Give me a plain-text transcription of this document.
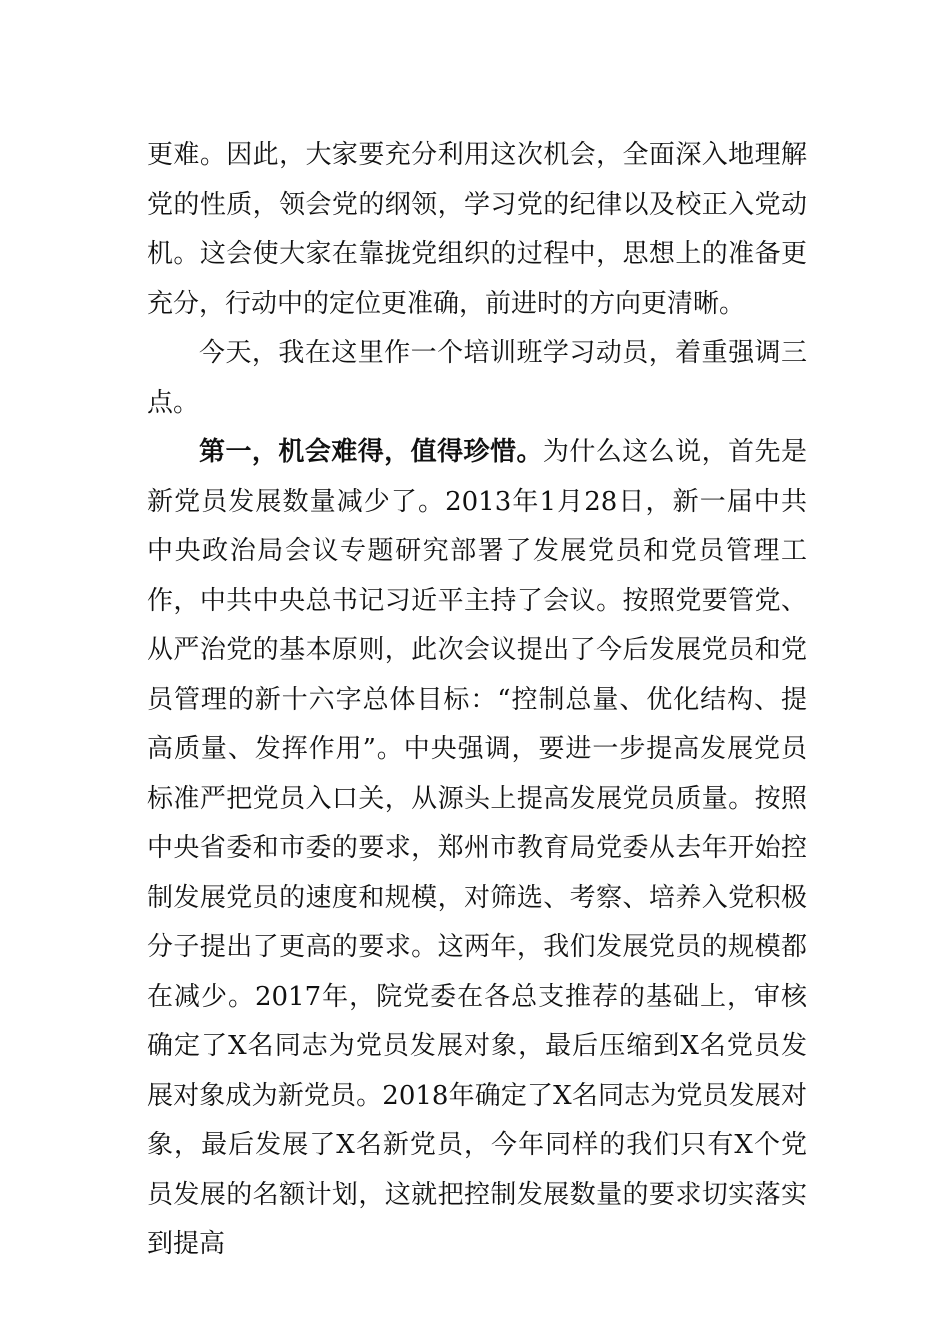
更难。因此，大家要充分利用这次机会，全面深入地理解党的性质，领会党的纲领，学习党的纪律以及校正入党动机。这会使大家在靠拢党组织的过程中，思想上的准备更充分，行动中的定位更准确，前进时的方向更清晰。

今天，我在这里作一个培训班学习动员，着重强调三点。

第一，机会难得，值得珍惜。为什么这么说，首先是新党员发展数量减少了。2013年1月28日，新一届中共中央政治局会议专题研究部署了发展党员和党员管理工作，中共中央总书记习近平主持了会议。按照党要管党、从严治党的基本原则，此次会议提出了今后发展党员和党员管理的新十六字总体目标：“控制总量、优化结构、提高质量、发挥作用”。中央强调，要进一步提高发展党员标准严把党员入口关，从源头上提高发展党员质量。按照中央省委和市委的要求，郑州市教育局党委从去年开始控制发展党员的速度和规模，对筛选、考察、培养入党积极分子提出了更高的要求。这两年，我们发展党员的规模都在减少。2017年，院党委在各总支推荐的基础上，审核确定了X名同志为党员发展对象，最后压缩到X名党员发展对象成为新党员。2018年确定了X名同志为党员发展对象，最后发展了X名新党员，今年同样的我们只有X个党员发展的名额计划，这就把控制发展数量的要求切实落实到提高
